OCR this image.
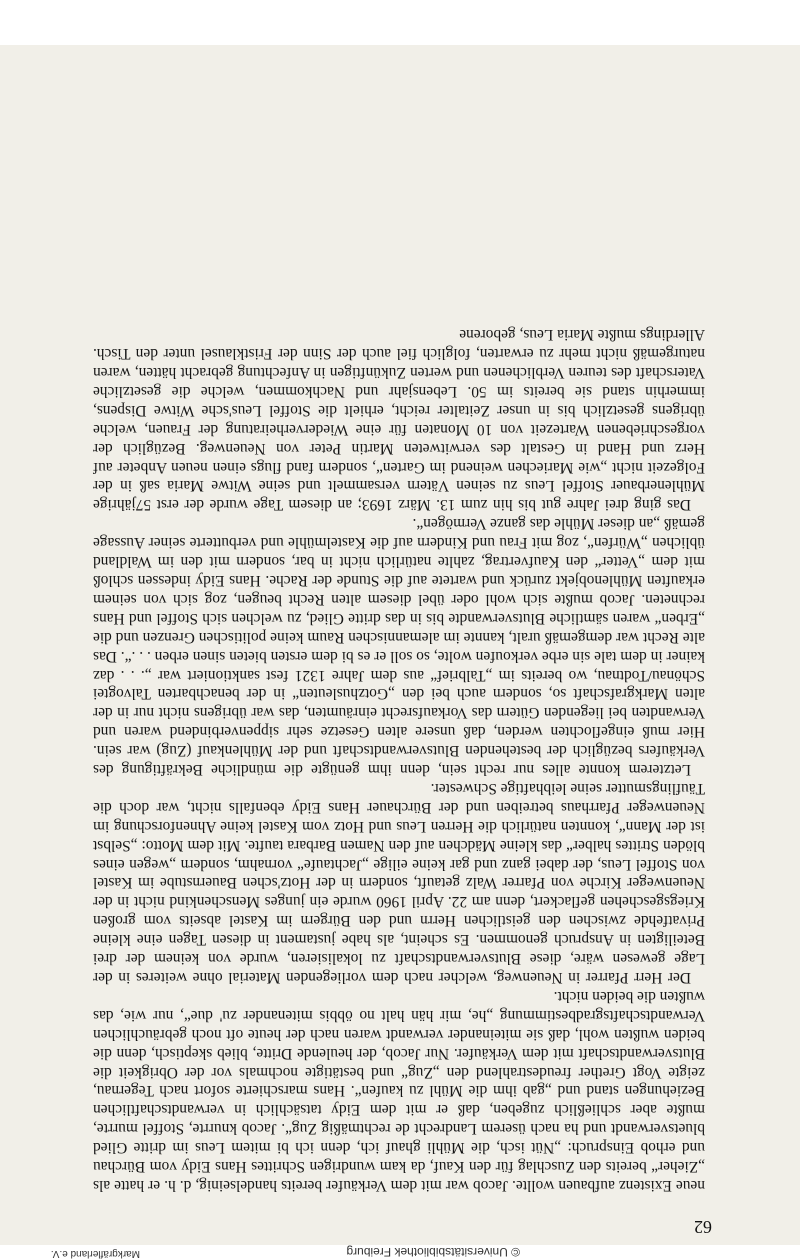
© Universitätsbibliothek Freiburg
Markgräflerland e.V.

neue Existenz aufbauen wollte. Jacob war mit dem Verkäufer bereits handelseinig, d. h. er hatte als „Zieher“ bereits den Zuschlag für den Kauf, da kam wundrigen Schrittes Hans Eidy vom Bürchau und erhob Einspruch: „Nüt isch, die Mühli ghauf ich, denn ich bi mitem Leus im dritte Glied bluetsverwandt und ha nach üserem Landrecht de rechtmäßig Zug“. Jacob knurrte, Stoffel murrte, mußte aber schließlich zugeben, daß er mit dem Eidy tatsächlich in verwandtschaftlichen Beziehungen stand und „gab ihm die Mühl zu kaufen“. Hans marschierte sofort nach Tegernau, zeigte Vogt Grether freudestrahlend den „Zug“ und bestätigte nochmals vor der Obrigkeit die Blutsverwandtschaft mit dem Verkäufer. Nur Jacob, der heulende Dritte, blieb skeptisch, denn die beiden wußten wohl, daß sie miteinander verwandt waren nach der heute oft noch gebräuchlichen Verwandtschaftsgradbestimmung „he, mir hän halt no öbbis mitenander zu' due“, nur wie, das wußten die beiden nicht.

Der Herr Pfarrer in Neuenweg, welcher nach dem vorliegenden Material ohne weiteres in der Lage gewesen wäre, diese Blutsverwandtschaft zu lokalisieren, wurde von keinem der drei Beteiligten in Anspruch genommen. Es scheint, als habe justament in diesen Tagen eine kleine Privatfehde zwischen den geistlichen Herrn und den Bürgern im Kastel abseits vom großen Kriegsgeschehen geflackert, denn am 22. April 1960 wurde ein junges Menschenkind nicht in der Neuenweger Kirche von Pfarrer Walz getauft, sondern in der Hotz'schen Bauernstube im Kastel von Stoffel Leus, der dabei ganz und gar keine eilige „Jachtaufe“ vornahm, sondern „wegen eines blöden Strittes halber“ das kleine Mädchen auf den Namen Barbara taufte. Mit dem Motto: „Selbst ist der Mann“, konnten natürlich die Herren Leus und Hotz vom Kastel keine Ahnenforschung im Neuenweger Pfarrhaus betreiben und der Bürchauer Hans Eidy ebenfalls nicht, war doch die Täuflingsmutter seine leibhaftige Schwester.

Letzterem konnte alles nur recht sein, denn ihm genügte die mündliche Bekräftigung des Verkäufers bezüglich der bestehenden Blutsverwandtschaft und der Mühlenkauf (Zug) war sein. Hier muß eingeflochten werden, daß unsere alten Gesetze sehr sippenverbindend waren und Verwandten bei liegenden Gütern das Vorkaufsrecht einräumten, das war übrigens nicht nur in der alten Markgrafschaft so, sondern auch bei den „Gotzhusleuten“ in der benachbarten Talvogtei Schönau/Todtnau, wo bereits im „Talbrief“ aus dem Jahre 1321 fest sanktioniert war „. . . daz kainer in dem tale sin erbe verkoufen wolte, so soll er es bi dem ersten bieten sinen erben . . .“. Das alte Recht war demgemäß uralt, kannte im alemannischen Raum keine politischen Grenzen und die „Erben“ waren sämtliche Blutsverwandte bis in das dritte Glied, zu welchen sich Stoffel und Hans rechneten. Jacob mußte sich wohl oder übel diesem alten Recht beugen, zog sich von seinem erkauften Mühlenobjekt zurück und wartete auf die Stunde der Rache. Hans Eidy indessen schloß mit dem „Vetter“ den Kaufvertrag, zahlte natürlich nicht in bar, sondern mit den im Waldland üblichen „Würfen“, zog mit Frau und Kindern auf die Kastelmühle und verbutterte seiner Aussage gemäß „an dieser Mühle das ganze Vermögen“.

Das ging drei Jahre gut bis hin zum 13. März 1693; an diesem Tage wurde der erst 57jährige Mühlenerbauer Stoffel Leus zu seinen Vätern versammelt und seine Witwe Maria saß in der Folgezeit nicht „wie Mariechen weinend im Garten“, sondern fand flugs einen neuen Anbeter auf Herz und Hand in Gestalt des verwitweten Martin Peter von Neuenweg. Bezüglich der vorgeschriebenen Wartezeit von 10 Monaten für eine Wiederverheiratung der Frauen, welche übrigens gesetzlich bis in unser Zeitalter reicht, erhielt die Stoffel Leus'sche Witwe Dispens, immerhin stand sie bereits im 50. Lebensjahr und Nachkommen, welche die gesetzliche Vaterschaft des teuren Verblichenen und werten Zukünftigen in Anfechtung gebracht hätten, waren naturgemäß nicht mehr zu erwarten, folglich fiel auch der Sinn der Fristklausel unter den Tisch. Allerdings mußte Maria Leus, geborene

62
